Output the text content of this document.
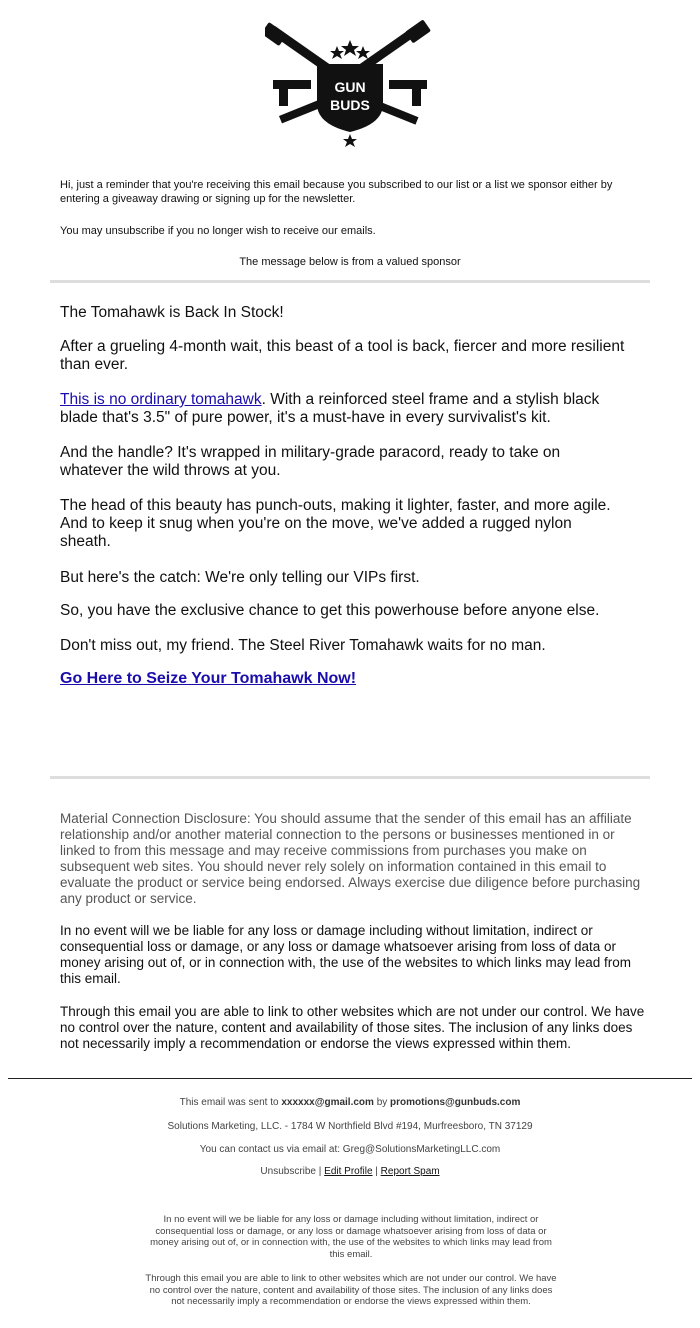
GUN
BUDS
Hi, just a reminder that you're receiving this email because you subscribed to our list or a list we sponsor either by entering a giveaway drawing or signing up for the newsletter.
You may unsubscribe if you no longer wish to receive our emails.
The message below is from a valued sponsor
The Tomahawk is Back In Stock!
After a grueling 4-month wait, this beast of a tool is back, fiercer and more resilient than ever.
This is no ordinary tomahawk. With a reinforced steel frame and a stylish black blade that's 3.5" of pure power, it's a must-have in every survivalist's kit.
And the handle? It's wrapped in military-grade paracord, ready to take on whatever the wild throws at you.
The head of this beauty has punch-outs, making it lighter, faster, and more agile. And to keep it snug when you're on the move, we've added a rugged nylon sheath.
But here's the catch: We're only telling our VIPs first.
So, you have the exclusive chance to get this powerhouse before anyone else.
Don't miss out, my friend. The Steel River Tomahawk waits for no man.
Go Here to Seize Your Tomahawk Now!
Material Connection Disclosure: You should assume that the sender of this email has an affiliate relationship and/or another material connection to the persons or businesses mentioned in or linked to from this message and may receive commissions from purchases you make on subsequent web sites. You should never rely solely on information contained in this email to evaluate the product or service being endorsed. Always exercise due diligence before purchasing any product or service.
In no event will we be liable for any loss or damage including without limitation, indirect or consequential loss or damage, or any loss or damage whatsoever arising from loss of data or money arising out of, or in connection with, the use of the websites to which links may lead from this email.
Through this email you are able to link to other websites which are not under our control. We have no control over the nature, content and availability of those sites. The inclusion of any links does not necessarily imply a recommendation or endorse the views expressed within them.
This email was sent to xxxxxx@gmail.com by promotions@gunbuds.com
Solutions Marketing, LLC. - 1784 W Northfield Blvd #194, Murfreesboro, TN 37129
You can contact us via email at: Greg@SolutionsMarketingLLC.com
Unsubscribe | Edit Profile | Report Spam
In no event will we be liable for any loss or damage including without limitation, indirect or consequential loss or damage, or any loss or damage whatsoever arising from loss of data or money arising out of, or in connection with, the use of the websites to which links may lead from this email.
Through this email you are able to link to other websites which are not under our control. We have no control over the nature, content and availability of those sites. The inclusion of any links does not necessarily imply a recommendation or endorse the views expressed within them.
